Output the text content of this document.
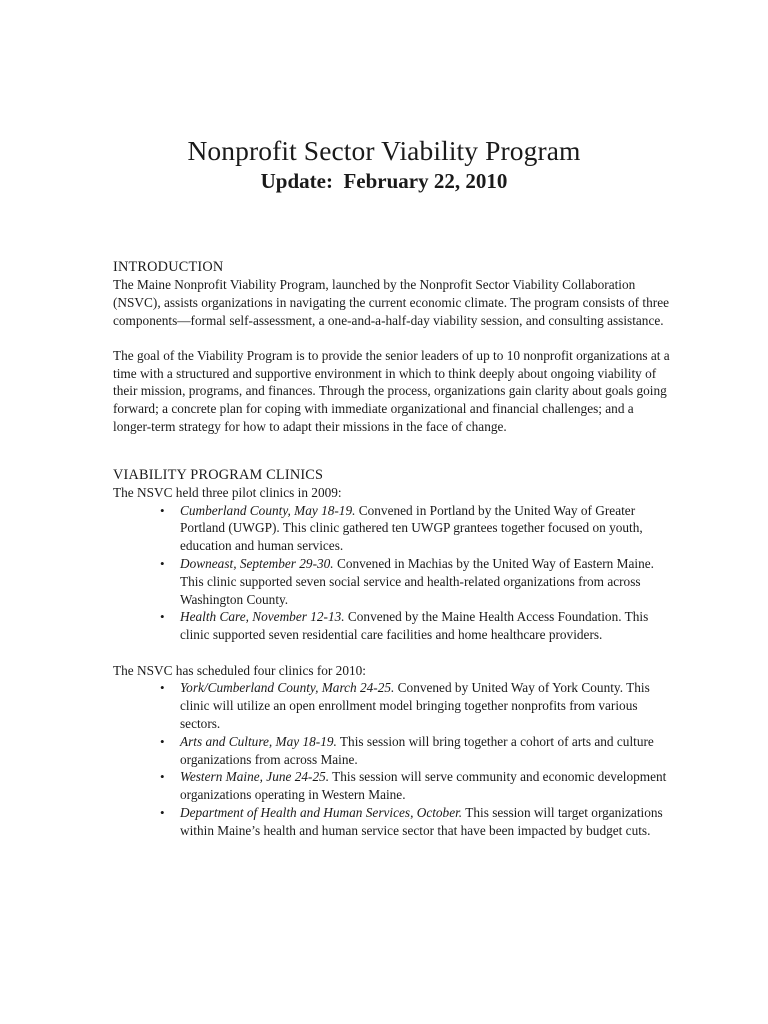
Nonprofit Sector Viability Program
Update:  February 22, 2010
INTRODUCTION

The Maine Nonprofit Viability Program, launched by the Nonprofit Sector Viability Collaboration (NSVC), assists organizations in navigating the current economic climate. The program consists of three components—formal self-assessment, a one-and-a-half-day viability session, and consulting assistance.

The goal of the Viability Program is to provide the senior leaders of up to 10 nonprofit organizations at a time with a structured and supportive environment in which to think deeply about ongoing viability of their mission, programs, and finances. Through the process, organizations gain clarity about goals going forward; a concrete plan for coping with immediate organizational and financial challenges; and a longer-term strategy for how to adapt their missions in the face of change.

VIABILITY PROGRAM CLINICS

The NSVC held three pilot clinics in 2009:

• Cumberland County, May 18-19. Convened in Portland by the United Way of Greater Portland (UWGP). This clinic gathered ten UWGP grantees together focused on youth, education and human services.
• Downeast, September 29-30. Convened in Machias by the United Way of Eastern Maine. This clinic supported seven social service and health-related organizations from across Washington County.
• Health Care, November 12-13. Convened by the Maine Health Access Foundation. This clinic supported seven residential care facilities and home healthcare providers.

The NSVC has scheduled four clinics for 2010:

• York/Cumberland County, March 24-25. Convened by United Way of York County. This clinic will utilize an open enrollment model bringing together nonprofits from various sectors.
• Arts and Culture, May 18-19. This session will bring together a cohort of arts and culture organizations from across Maine.
• Western Maine, June 24-25. This session will serve community and economic development organizations operating in Western Maine.
• Department of Health and Human Services, October. This session will target organizations within Maine’s health and human service sector that have been impacted by budget cuts.
